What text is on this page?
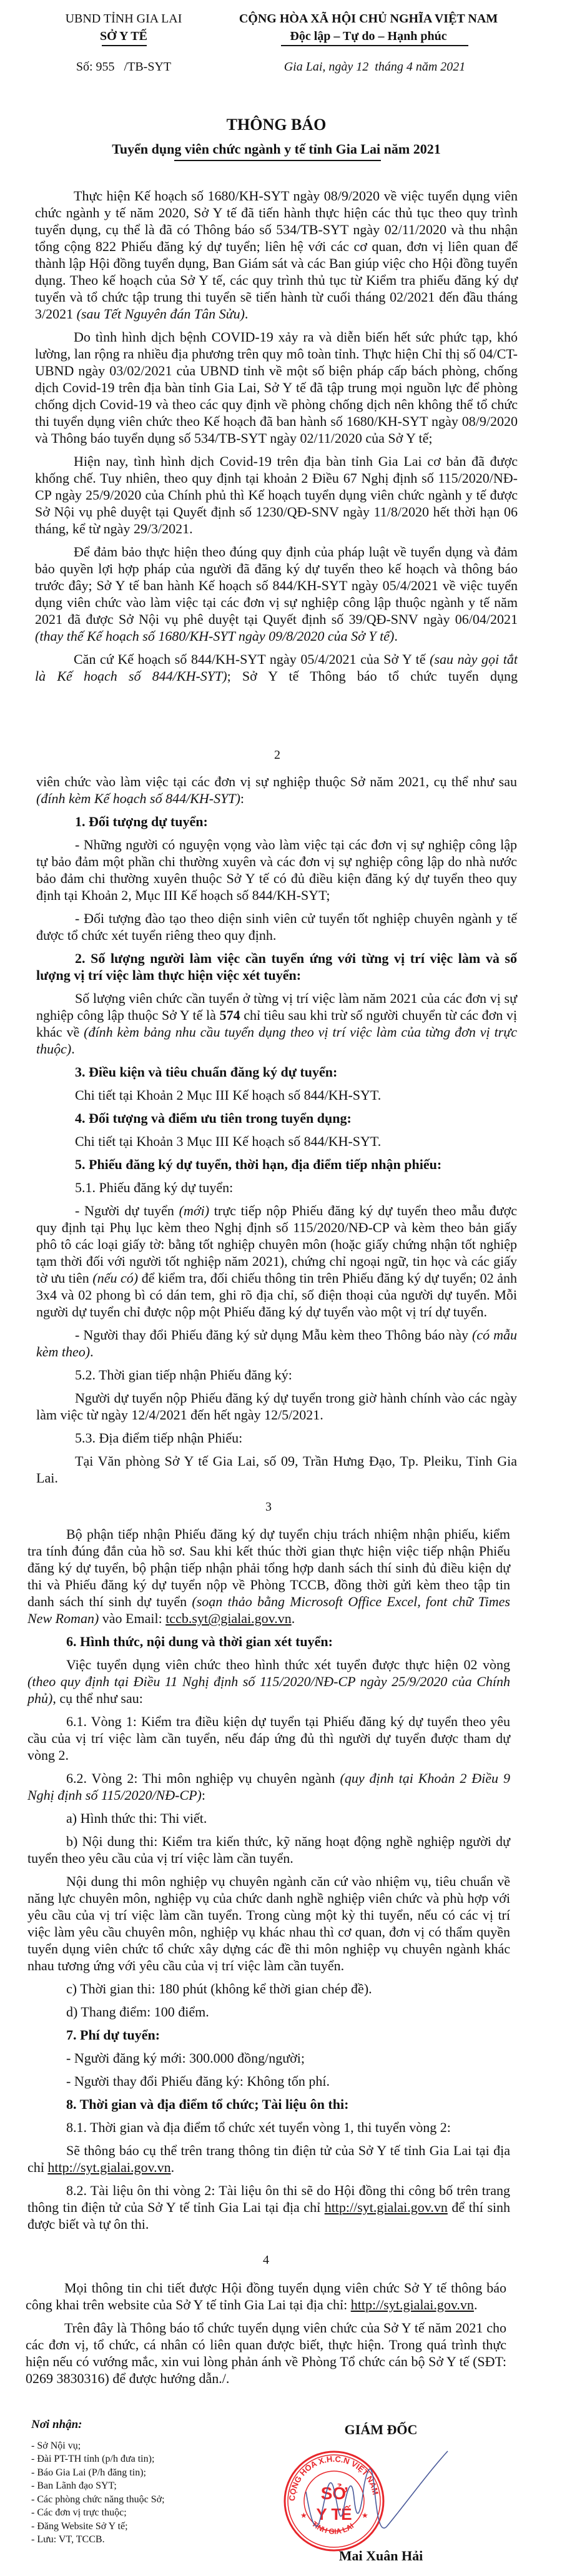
UBND TỈNH GIA LAI
SỞ Y TẾ
CỘNG HÒA XÃ HỘI CHỦ NGHĨA VIỆT NAM
Độc lập – Tự do – Hạnh phúc
Số: 955   /TB-SYT	Gia Lai, ngày 12  tháng 4 năm 2021
THÔNG BÁO
Tuyển dụng viên chức ngành y tế tỉnh Gia Lai năm 2021

Thực hiện Kế hoạch số 1680/KH-SYT ngày 08/9/2020 về việc tuyển dụng viên chức ngành y tế năm 2020, Sở Y tế đã tiến hành thực hiện các thủ tục theo quy trình tuyển dụng, cụ thể là đã có Thông báo số 534/TB-SYT ngày 02/11/2020 và thu nhận tổng cộng 822 Phiếu đăng ký dự tuyển; liên hệ với các cơ quan, đơn vị liên quan để thành lập Hội đồng tuyển dụng, Ban Giám sát và các Ban giúp việc cho Hội đồng tuyển dụng. Theo kế hoạch của Sở Y tế, các quy trình thủ tục từ Kiểm tra phiếu đăng ký dự tuyển và tổ chức tập trung thi tuyển sẽ tiến hành từ cuối tháng 02/2021 đến đầu tháng 3/2021 (sau Tết Nguyên đán Tân Sửu).

Do tình hình dịch bệnh COVID-19 xảy ra và diễn biến hết sức phức tạp, khó lường, lan rộng ra nhiều địa phương trên quy mô toàn tỉnh. Thực hiện Chỉ thị số 04/CT-UBND ngày 03/02/2021 của UBND tỉnh về một số biện pháp cấp bách phòng, chống dịch Covid-19 trên địa bàn tỉnh Gia Lai, Sở Y tế đã tập trung mọi nguồn lực để phòng chống dịch Covid-19 và theo các quy định về phòng chống dịch nên không thể tổ chức thi tuyển dụng viên chức theo Kế hoạch đã ban hành số 1680/KH-SYT ngày 08/9/2020 và Thông báo tuyển dụng số 534/TB-SYT ngày 02/11/2020 của Sở Y tế;

Hiện nay, tình hình dịch Covid-19 trên địa bàn tỉnh Gia Lai cơ bản đã được khống chế. Tuy nhiên, theo quy định tại khoản 2 Điều 67 Nghị định số 115/2020/NĐ-CP ngày 25/9/2020 của Chính phủ thì Kế hoạch tuyển dụng viên chức ngành y tế được Sở Nội vụ phê duyệt tại Quyết định số 1230/QĐ-SNV ngày 11/8/2020 hết thời hạn 06 tháng, kể từ ngày 29/3/2021.

Để đảm bảo thực hiện theo đúng quy định của pháp luật về tuyển dụng và đảm bảo quyền lợi hợp pháp của người đã đăng ký dự tuyển theo kế hoạch và thông báo trước đây; Sở Y tế ban hành Kế hoạch số 844/KH-SYT ngày 05/4/2021 về việc tuyển dụng viên chức vào làm việc tại các đơn vị sự nghiệp công lập thuộc ngành y tế năm 2021 đã được Sở Nội vụ phê duyệt tại Quyết định số 39/QĐ-SNV ngày 06/04/2021 (thay thế Kế hoạch số 1680/KH-SYT ngày 09/8/2020 của Sở Y tế).

Căn cứ Kế hoạch số 844/KH-SYT ngày 05/4/2021 của Sở Y tế (sau này gọi tắt là Kế hoạch số 844/KH-SYT); Sở Y tế Thông báo tổ chức tuyển dụng

2

viên chức vào làm việc tại các đơn vị sự nghiệp thuộc Sở năm 2021, cụ thể như sau (đính kèm Kế hoạch số 844/KH-SYT):

1. Đối tượng dự tuyển:

- Những người có nguyện vọng vào làm việc tại các đơn vị sự nghiệp công lập tự bảo đảm một phần chi thường xuyên và các đơn vị sự nghiệp công lập do nhà nước bảo đảm chi thường xuyên thuộc Sở Y tế có đủ điều kiện đăng ký dự tuyển theo quy định tại Khoản 2, Mục III Kế hoạch số 844/KH-SYT;

- Đối tượng đào tạo theo diện sinh viên cử tuyển tốt nghiệp chuyên ngành y tế được tổ chức xét tuyển riêng theo quy định.

2. Số lượng người làm việc cần tuyển ứng với từng vị trí việc làm và số lượng vị trí việc làm thực hiện việc xét tuyển:

Số lượng viên chức cần tuyển ở từng vị trí việc làm năm 2021 của các đơn vị sự nghiệp công lập thuộc Sở Y tế là 574 chỉ tiêu sau khi trừ số người chuyển từ các đơn vị khác về (đính kèm bảng nhu cầu tuyển dụng theo vị trí việc làm của từng đơn vị trực thuộc).

3. Điều kiện và tiêu chuẩn đăng ký dự tuyển:

Chi tiết tại Khoản 2 Mục III Kế hoạch số 844/KH-SYT.

4. Đối tượng và điểm ưu tiên trong tuyển dụng:

Chi tiết tại Khoản 3 Mục III Kế hoạch số 844/KH-SYT.

5. Phiếu đăng ký dự tuyển, thời hạn, địa điểm tiếp nhận phiếu:

5.1. Phiếu đăng ký dự tuyển:

- Người dự tuyển (mới) trực tiếp nộp Phiếu đăng ký dự tuyển theo mẫu được quy định tại Phụ lục kèm theo Nghị định số 115/2020/NĐ-CP và kèm theo bản giấy phô tô các loại giấy tờ: bằng tốt nghiệp chuyên môn (hoặc giấy chứng nhận tốt nghiệp tạm thời đối với người tốt nghiệp năm 2021), chứng chỉ ngoại ngữ, tin học và các giấy tờ ưu tiên (nếu có) để kiểm tra, đối chiếu thông tin trên Phiếu đăng ký dự tuyển; 02 ảnh 3x4 và 02 phong bì có dán tem, ghi rõ địa chỉ, số điện thoại của người dự tuyển. Mỗi người dự tuyển chỉ được nộp một Phiếu đăng ký dự tuyển vào một vị trí dự tuyển.

- Người thay đổi Phiếu đăng ký sử dụng Mẫu kèm theo Thông báo này (có mẫu kèm theo).

5.2. Thời gian tiếp nhận Phiếu đăng ký:

Người dự tuyển nộp Phiếu đăng ký dự tuyển trong giờ hành chính vào các ngày làm việc từ ngày 12/4/2021 đến hết ngày 12/5/2021.

5.3. Địa điểm tiếp nhận Phiếu:

Tại Văn phòng Sở Y tế Gia Lai, số 09, Trần Hưng Đạo, Tp. Pleiku, Tỉnh Gia Lai.

3

Bộ phận tiếp nhận Phiếu đăng ký dự tuyển chịu trách nhiệm nhận phiếu, kiểm tra tính đúng đắn của hồ sơ. Sau khi kết thúc thời gian thực hiện việc tiếp nhận Phiếu đăng ký dự tuyển, bộ phận tiếp nhận phải tổng hợp danh sách thí sinh đủ điều kiện dự thi và Phiếu đăng ký dự tuyển nộp về Phòng TCCB, đồng thời gửi kèm theo tập tin danh sách thí sinh dự tuyển (soạn thảo bằng Microsoft Office Excel, font chữ Times New Roman) vào Email: tccb.syt@gialai.gov.vn.

6. Hình thức, nội dung và thời gian xét tuyển:

Việc tuyển dụng viên chức theo hình thức xét tuyển được thực hiện 02 vòng (theo quy định tại Điều 11 Nghị định số 115/2020/NĐ-CP ngày 25/9/2020 của Chính phủ), cụ thể như sau:

6.1. Vòng 1: Kiểm tra điều kiện dự tuyển tại Phiếu đăng ký dự tuyển theo yêu cầu của vị trí việc làm cần tuyển, nếu đáp ứng đủ thì người dự tuyển được tham dự vòng 2.

6.2. Vòng 2: Thi môn nghiệp vụ chuyên ngành (quy định tại Khoản 2 Điều 9 Nghị định số 115/2020/NĐ-CP):

a) Hình thức thi: Thi viết.

b) Nội dung thi: Kiểm tra kiến thức, kỹ năng hoạt động nghề nghiệp người dự tuyển theo yêu cầu của vị trí việc làm cần tuyển.

Nội dung thi môn nghiệp vụ chuyên ngành căn cứ vào nhiệm vụ, tiêu chuẩn về năng lực chuyên môn, nghiệp vụ của chức danh nghề nghiệp viên chức và phù hợp với yêu cầu của vị trí việc làm cần tuyển. Trong cùng một kỳ thi tuyển, nếu có các vị trí việc làm yêu cầu chuyên môn, nghiệp vụ khác nhau thì cơ quan, đơn vị có thẩm quyền tuyển dụng viên chức tổ chức xây dựng các đề thi môn nghiệp vụ chuyên ngành khác nhau tương ứng với yêu cầu của vị trí việc làm cần tuyển.

c) Thời gian thi: 180 phút (không kể thời gian chép đề).

d) Thang điểm: 100 điểm.

7. Phí dự tuyển:

- Người đăng ký mới: 300.000 đồng/người;

- Người thay đổi Phiếu đăng ký: Không tốn phí.

8. Thời gian và địa điểm tổ chức; Tài liệu ôn thi:

8.1. Thời gian và địa điểm tổ chức xét tuyển vòng 1, thi tuyển vòng 2:

Sẽ thông báo cụ thể trên trang thông tin điện tử của Sở Y tế tỉnh Gia Lai tại địa chỉ http://syt.gialai.gov.vn.

8.2. Tài liệu ôn thi vòng 2: Tài liệu ôn thi sẽ do Hội đồng thi công bố trên trang thông tin điện tử của Sở Y tế tỉnh Gia Lai tại địa chỉ http://syt.gialai.gov.vn để thí sinh được biết và tự ôn thi.

4

Mọi thông tin chi tiết được Hội đồng tuyển dụng viên chức Sở Y tế thông báo công khai trên website của Sở Y tế tỉnh Gia Lai tại địa chỉ: http://syt.gialai.gov.vn.

Trên đây là Thông báo tổ chức tuyển dụng viên chức của Sở Y tế năm 2021 cho các đơn vị, tổ chức, cá nhân có liên quan được biết, thực hiện. Trong quá trình thực hiện nếu có vướng mắc, xin vui lòng phản ánh về Phòng Tổ chức cán bộ Sở Y tế (SĐT: 0269 3830316) để được hướng dẫn./.

Nơi nhận:
- Sở Nội vụ;
- Đài PT-TH tỉnh (p/h đưa tin);
- Báo Gia Lai (P/h đăng tin);
- Ban Lãnh đạo SYT;
- Các phòng chức năng thuộc Sở;
- Các đơn vị trực thuộc;
- Đăng Website Sở Y tế;
- Lưu: VT, TCCB.
GIÁM ĐỐC
CỘNG HÒA X.H.C.N VIỆT NAM
TỈNH GIA LAI
SỞ
Y TẾ
★	★
Mai Xuân Hải
